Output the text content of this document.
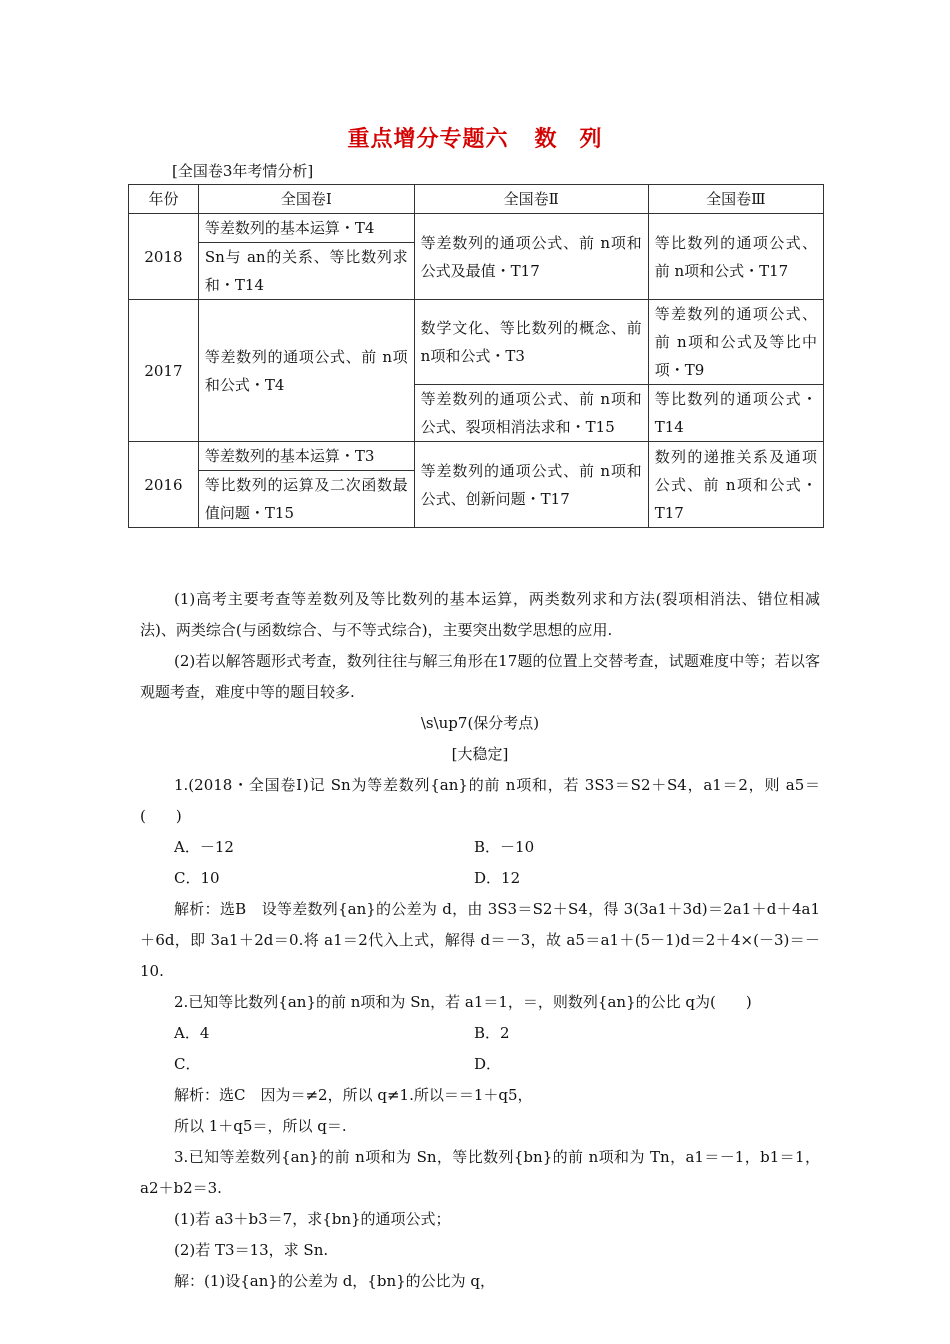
重点增分专题六 数 列
[全国卷3年考情分析]
年份	全国卷Ⅰ	全国卷Ⅱ	全国卷Ⅲ
2018	等差数列的基本运算・T4	等差数列的通项公式、前 n项和公式及最值・T17	等比数列的通项公式、前 n项和公式・T17
	Sn与 an的关系、等比数列求和・T14		
2017	等差数列的通项公式、前 n项和公式・T4	数学文化、等比数列的概念、前 n项和公式・T3	等差数列的通项公式、前 n项和公式及等比中项・T9
		等差数列的通项公式、前 n项和公式、裂项相消法求和・T15	等比数列的通项公式・T14
2016	等差数列的基本运算・T3	等差数列的通项公式、前 n项和公式、创新问题・T17	数列的递推关系及通项公式、前 n项和公式・T17
	等比数列的运算及二次函数最值问题・T15		

(1)高考主要考查等差数列及等比数列的基本运算，两类数列求和方法(裂项相消法、错位相减法)、两类综合(与函数综合、与不等式综合)，主要突出数学思想的应用.

(2)若以解答题形式考查，数列往往与解三角形在17题的位置上交替考查，试题难度中等；若以客观题考查，难度中等的题目较多.

\s\up7(保分考点)

[大稳定]

1.(2018・全国卷Ⅰ)记 Sn为等差数列{an}的前 n项和，若 3S3＝S2＋S4，a1＝2，则 a5＝(　　)

A．－12	B．－10
C．10	D．12

解析：选B　设等差数列{an}的公差为 d，由 3S3＝S2＋S4，得 3(3a1＋3d)＝2a1＋d＋4a1＋6d，即 3a1＋2d＝0.将 a1＝2代入上式，解得 d＝－3，故 a5＝a1＋(5－1)d＝2＋4×(－3)＝－10.

2.已知等比数列{an}的前 n项和为 Sn，若 a1＝1，＝，则数列{an}的公比 q为(　　)

A．4	B．2
C．	D．

解析：选C　因为＝≠2，所以 q≠1.所以＝＝1＋q5，

所以 1＋q5＝，所以 q＝.

3.已知等差数列{an}的前 n项和为 Sn，等比数列{bn}的前 n项和为 Tn，a1＝－1，b1＝1，a2＋b2＝3.

(1)若 a3＋b3＝7，求{bn}的通项公式；

(2)若 T3＝13，求 Sn.

解：(1)设{an}的公差为 d，{bn}的公比为 q，
